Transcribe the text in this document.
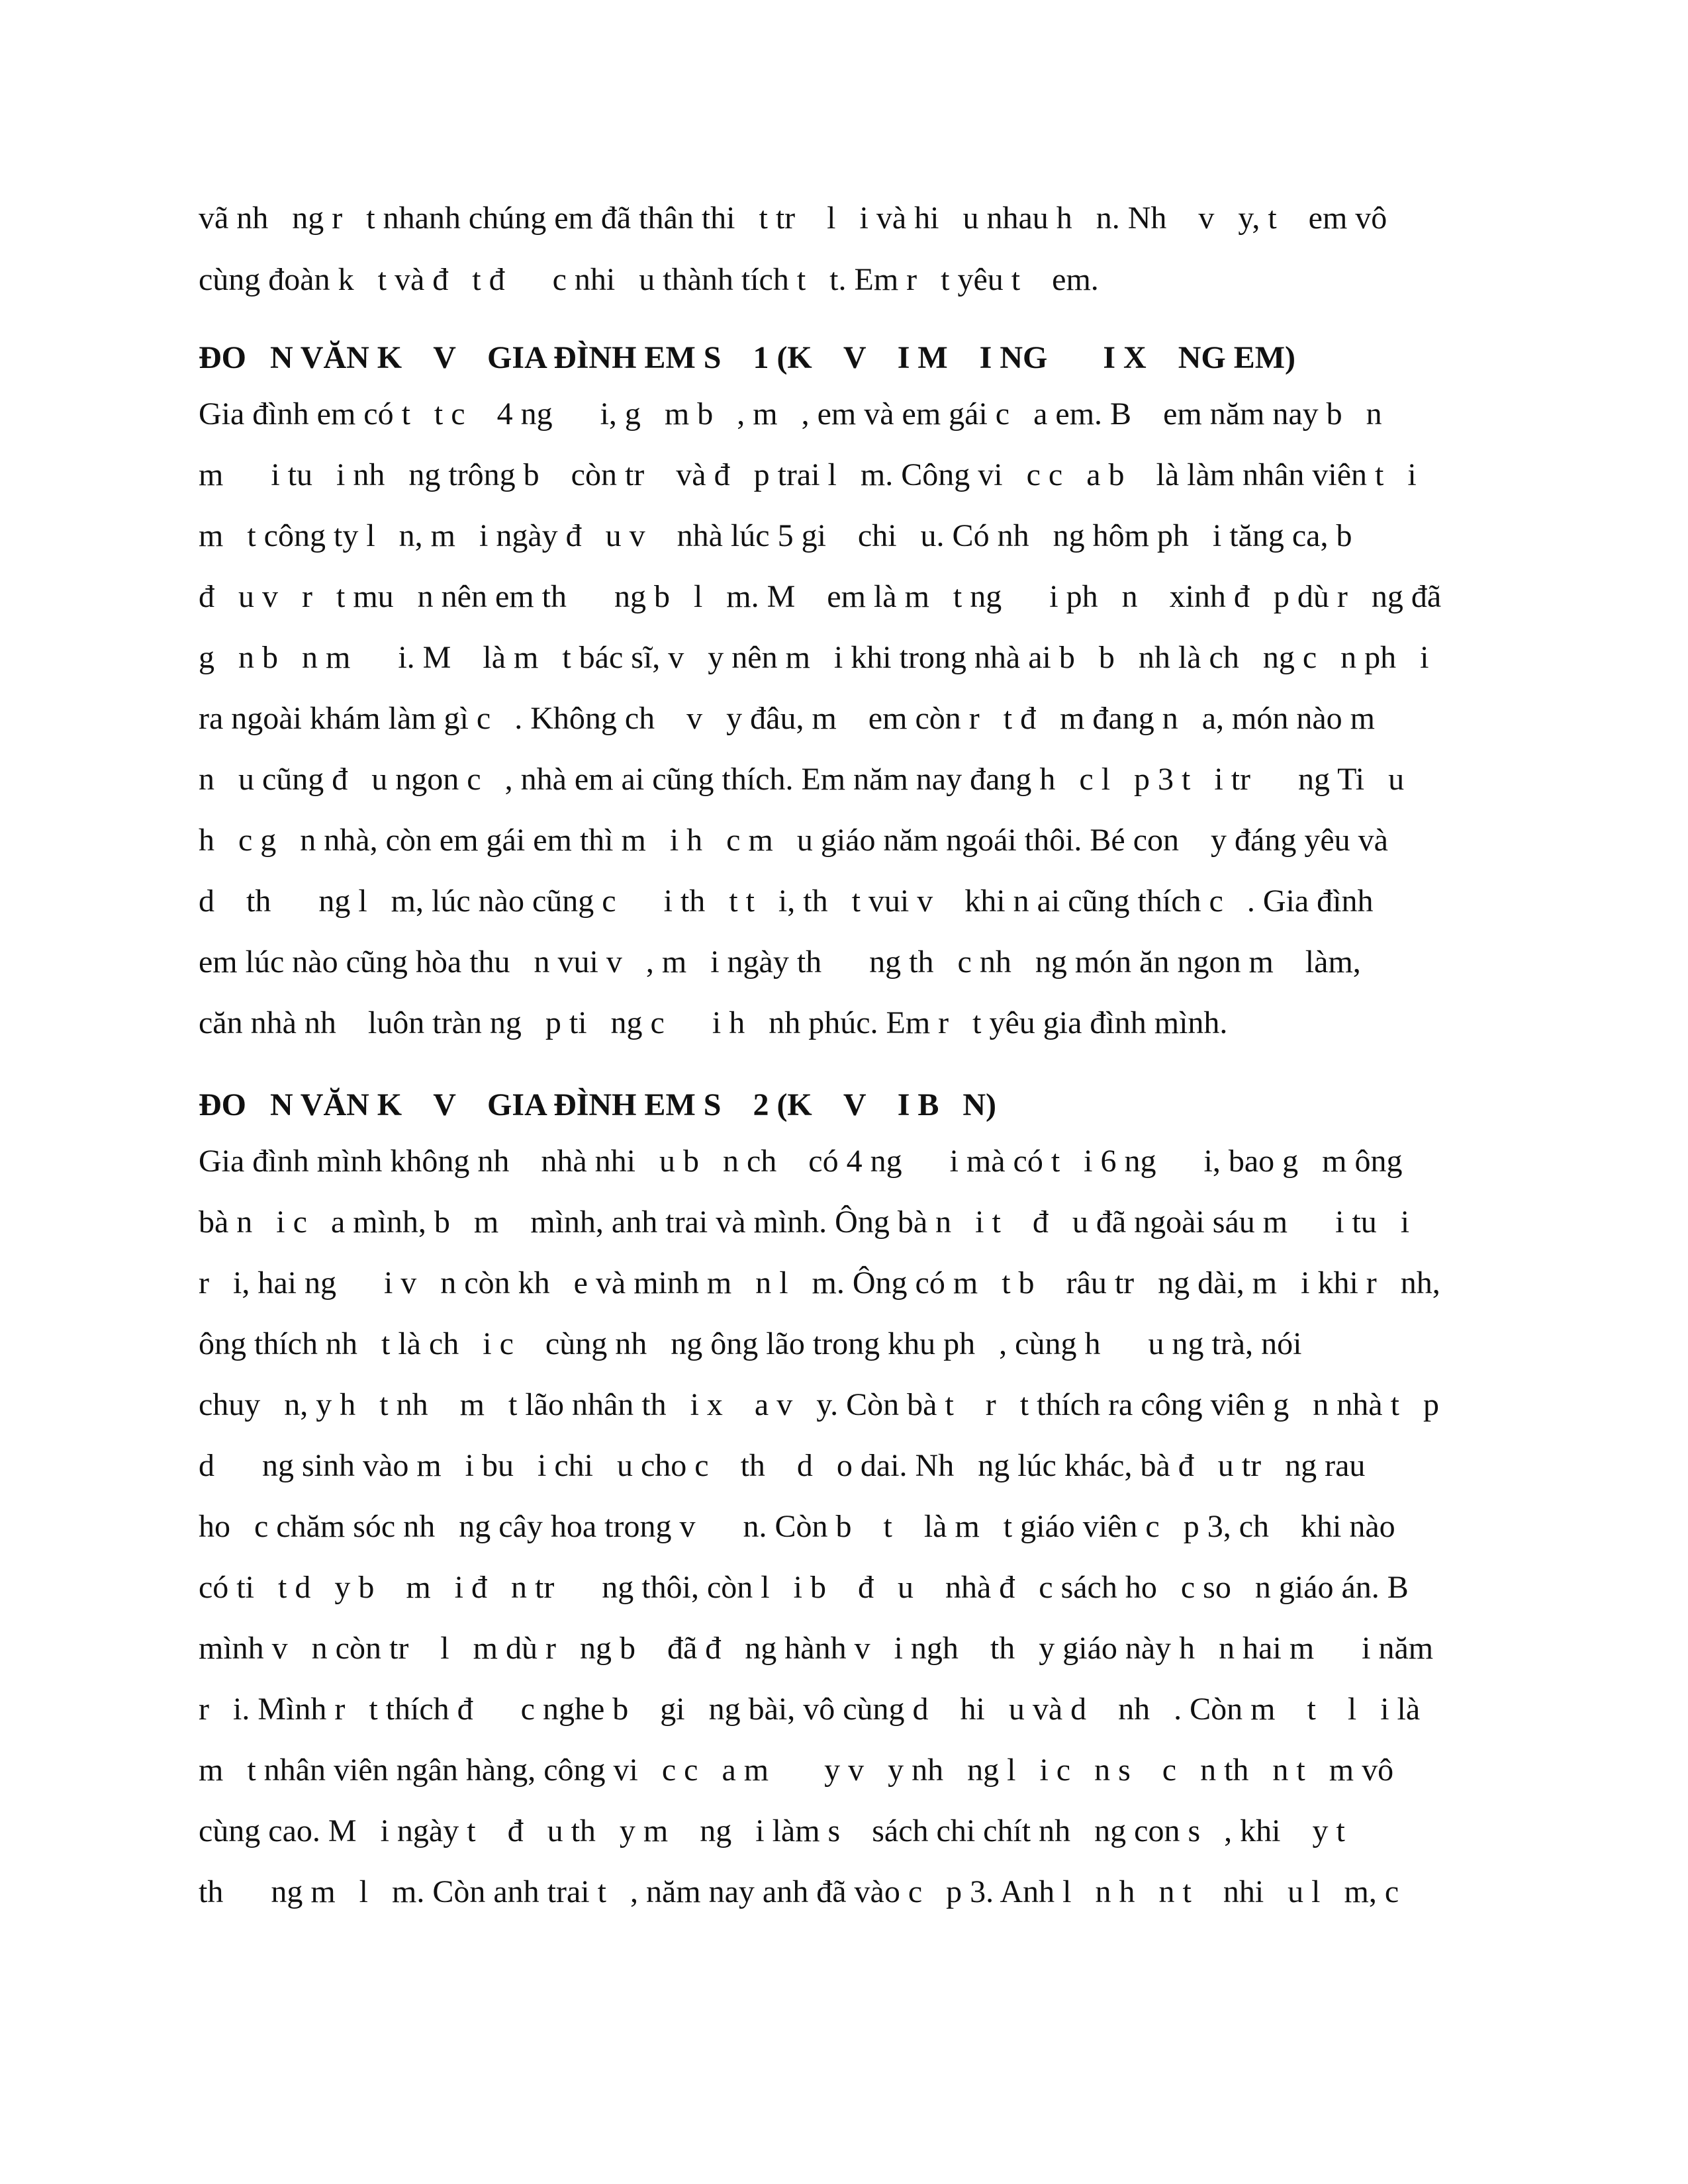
vã nh   ng r   t nhanh chúng em đã thân thi   t tr    l   i và hi   u nhau h   n. Nh    v   y, t    em vô
cùng đoàn k   t và đ   t đ      c nhi   u thành tích t   t. Em r   t yêu t    em.
ĐO   N VĂN K    V    GIA ĐÌNH EM S    1 (K    V    I M    I NG       I X    NG EM)
Gia đình em có t   t c    4 ng      i, g   m b   , m   , em và em gái c   a em. B    em năm nay b   n
m      i tu   i nh   ng trông b    còn tr    và đ   p trai l   m. Công vi   c c   a b    là làm nhân viên t   i
m   t công ty l   n, m   i ngày đ   u v    nhà lúc 5 gi    chi   u. Có nh   ng hôm ph   i tăng ca, b
đ   u v   r   t mu   n nên em th      ng b   l   m. M    em là m   t ng      i ph   n    xinh đ   p dù r   ng đã
g   n b   n m      i. M    là m   t bác sĩ, v   y nên m   i khi trong nhà ai b   b   nh là ch   ng c   n ph   i
ra ngoài khám làm gì c   . Không ch    v   y đâu, m    em còn r   t đ   m đang n   a, món nào m
n   u cũng đ   u ngon c   , nhà em ai cũng thích. Em năm nay đang h   c l   p 3 t   i tr      ng Ti   u
h   c g   n nhà, còn em gái em thì m   i h   c m   u giáo năm ngoái thôi. Bé con    y đáng yêu và
d    th      ng l   m, lúc nào cũng c      i th   t t   i, th   t vui v    khi n ai cũng thích c   . Gia đình
em lúc nào cũng hòa thu   n vui v   , m   i ngày th      ng th   c nh   ng món ăn ngon m    làm,
căn nhà nh    luôn tràn ng   p ti   ng c      i h   nh phúc. Em r   t yêu gia đình mình.
ĐO   N VĂN K    V    GIA ĐÌNH EM S    2 (K    V    I B   N)
Gia đình mình không nh    nhà nhi   u b   n ch    có 4 ng      i mà có t   i 6 ng      i, bao g   m ông
bà n   i c   a mình, b   m    mình, anh trai và mình. Ông bà n   i t    đ   u đã ngoài sáu m      i tu   i
r   i, hai ng      i v   n còn kh   e và minh m   n l   m. Ông có m   t b    râu tr   ng dài, m   i khi r   nh,
ông thích nh   t là ch   i c    cùng nh   ng ông lão trong khu ph   , cùng h      u ng trà, nói
chuy   n, y h   t nh    m   t lão nhân th   i x    a v   y. Còn bà t    r   t thích ra công viên g   n nhà t   p
d      ng sinh vào m   i bu   i chi   u cho c    th    d   o dai. Nh   ng lúc khác, bà đ   u tr   ng rau
ho   c chăm sóc nh   ng cây hoa trong v      n. Còn b    t    là m   t giáo viên c   p 3, ch    khi nào
có ti   t d   y b    m   i đ   n tr      ng thôi, còn l   i b    đ   u    nhà đ   c sách ho   c so   n giáo án. B
mình v   n còn tr    l   m dù r   ng b    đã đ   ng hành v   i ngh    th   y giáo này h   n hai m      i năm
r   i. Mình r   t thích đ      c nghe b    gi   ng bài, vô cùng d    hi   u và d    nh   . Còn m    t    l   i là
m   t nhân viên ngân hàng, công vi   c c   a m       y v   y nh   ng l   i c   n s    c   n th   n t   m vô
cùng cao. M   i ngày t    đ   u th   y m    ng   i làm s    sách chi chít nh   ng con s   , khi    y t
th      ng m   l   m. Còn anh trai t   , năm nay anh đã vào c   p 3. Anh l   n h   n t    nhi   u l   m, c
